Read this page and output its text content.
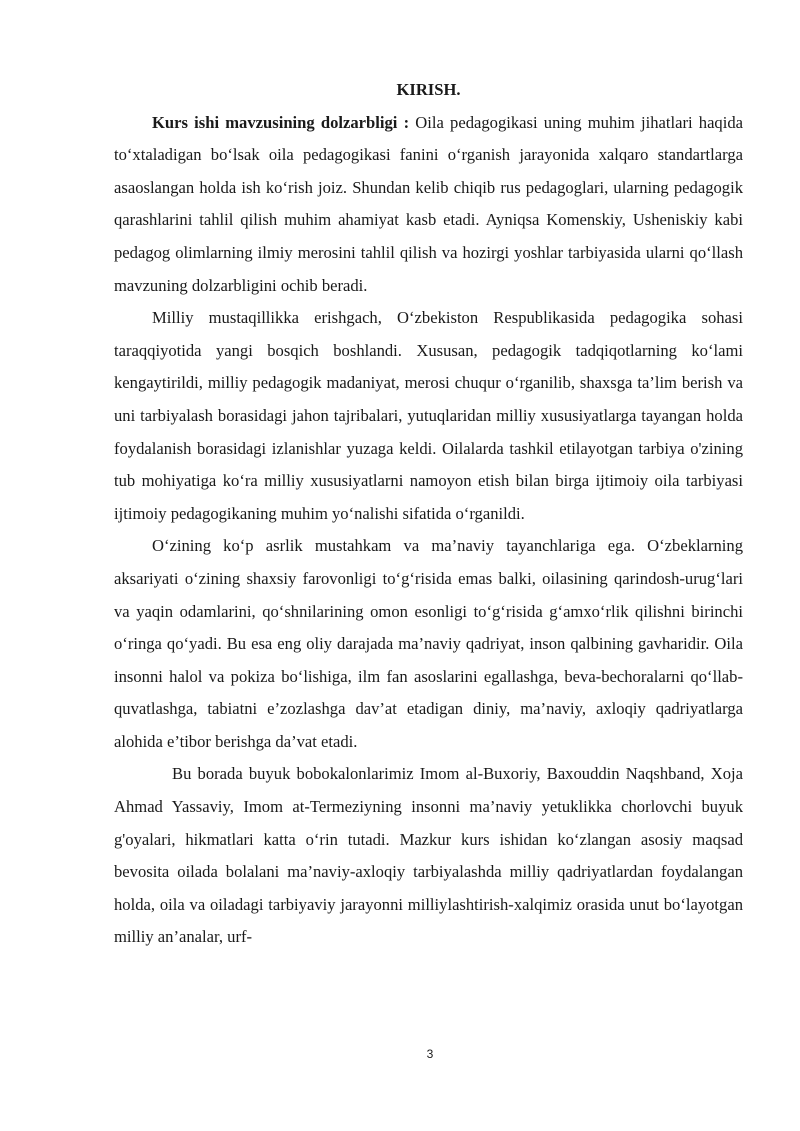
KIRISH.

Kurs ishi mavzusining dolzarbligi : Oila pedagogikasi uning muhim jihatlari haqida toʻxtaladigan boʻlsak oila pedagogikasi fanini oʻrganish jarayonida xalqaro standartlarga asaoslangan holda ish koʻrish joiz. Shundan kelib chiqib rus pedagoglari, ularning pedagogik qarashlarini tahlil qilish muhim ahamiyat kasb etadi. Ayniqsa Komenskiy, Usheniskiy kabi pedagog olimlarning ilmiy merosini tahlil qilish va hozirgi yoshlar tarbiyasida ularni qoʻllash mavzuning dolzarbligini ochib beradi.

Milliy mustaqillikka erishgach, Oʻzbekiston Respublikasida pedagogika sohasi taraqqiyotida yangi bosqich boshlandi. Xususan, pedagogik tadqiqotlarning koʻlami kengaytirildi, milliy pedagogik madaniyat, merosi chuqur oʻrganilib, shaxsga ta’lim berish va uni tarbiyalash borasidagi jahon tajribalari, yutuqlaridan milliy xususiyatlarga tayangan holda foydalanish borasidagi izlanishlar yuzaga keldi. Oilalarda tashkil etilayotgan tarbiya o'zining tub mohiyatiga koʻra milliy xususiyatlarni namoyon etish bilan birga ijtimoiy oila tarbiyasi ijtimoiy pedagogikaning muhim yoʻnalishi sifatida oʻrganildi.

Oʻzining koʻp asrlik mustahkam va ma’naviy tayanchlariga ega. Oʻzbeklarning aksariyati oʻzining shaxsiy farovonligi toʻgʻrisida emas balki, oilasining qarindosh-urugʻlari va yaqin odamlarini, qoʻshnilarining omon esonligi toʻgʻrisida gʻamxoʻrlik qilishni birinchi oʻringa qoʻyadi. Bu esa eng oliy darajada ma’naviy qadriyat, inson qalbining gavharidir. Oila insonni halol va pokiza boʻlishiga, ilm fan asoslarini egallashga, beva-bechoralarni qoʻllab-quvatlashga, tabiatni e’zozlashga dav’at etadigan diniy, ma’naviy, axloqiy qadriyatlarga alohida e’tibor berishga da’vat etadi.

Bu borada buyuk bobokalonlarimiz Imom al-Buxoriy, Baxouddin Naqshband, Xoja Ahmad Yassaviy, Imom at-Termeziyning insonni ma’naviy yetuklikka chorlovchi buyuk g'oyalari, hikmatlari katta oʻrin tutadi. Mazkur kurs ishidan koʻzlangan asosiy maqsad bevosita oilada bolalani ma’naviy-axloqiy tarbiyalashda milliy qadriyatlardan foydalangan holda, oila va oiladagi tarbiyaviy jarayonni milliylashtirish-xalqimiz orasida unut boʻlayotgan milliy an’analar, urf-

3
